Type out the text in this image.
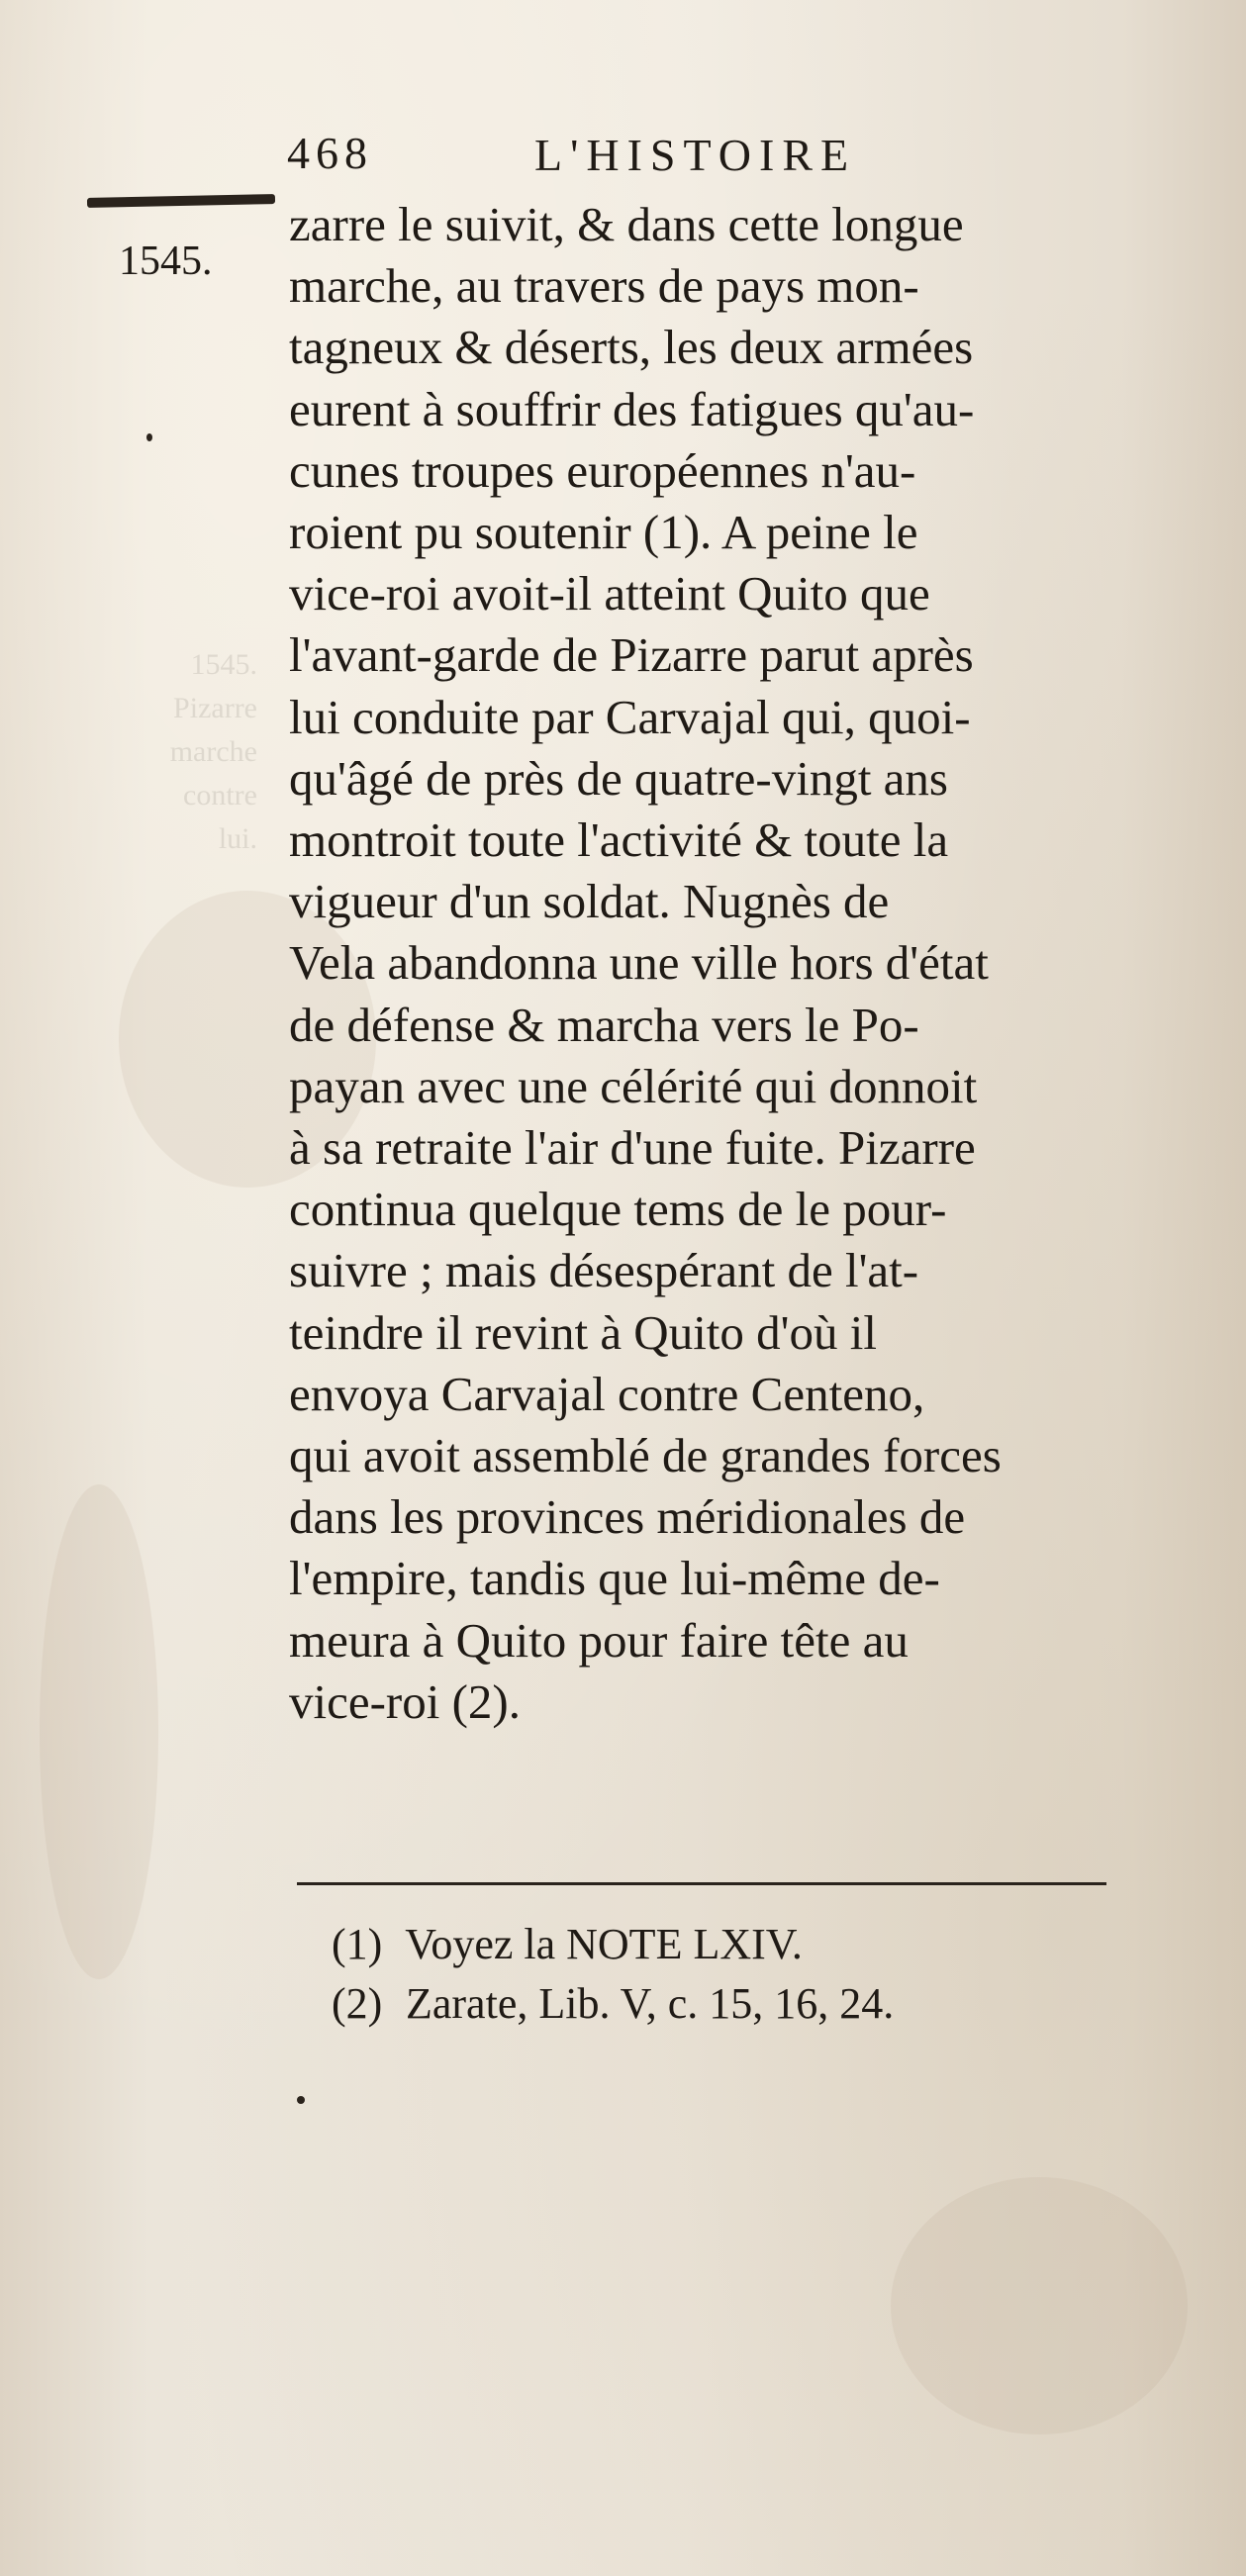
1545.
Pizarre
marche
contre
lui.
468	L'HISTOIRE
1545.
zarre le suivit, & dans cette longue
marche, au travers de pays mon-
tagneux & déserts, les deux armées
eurent à souffrir des fatigues qu'au-
cunes troupes européennes n'au-
roient pu soutenir (1). A peine le
vice-roi avoit-il atteint Quito que
l'avant-garde de Pizarre parut après
lui conduite par Carvajal qui, quoi-
qu'âgé de près de quatre-vingt ans
montroit toute l'activité & toute la
vigueur d'un soldat. Nugnès de
Vela abandonna une ville hors d'état
de défense & marcha vers le Po-
payan avec une célérité qui donnoit
à sa retraite l'air d'une fuite. Pizarre
continua quelque tems de le pour-
suivre ; mais désespérant de l'at-
teindre il revint à Quito d'où il
envoya Carvajal contre Centeno,
qui avoit assemblé de grandes forces
dans les provinces méridionales de
l'empire, tandis que lui-même de-
meura à Quito pour faire tête au
vice-roi (2).
(1) Voyez la NOTE LXIV.
(2) Zarate, Lib. V, c. 15, 16, 24.
